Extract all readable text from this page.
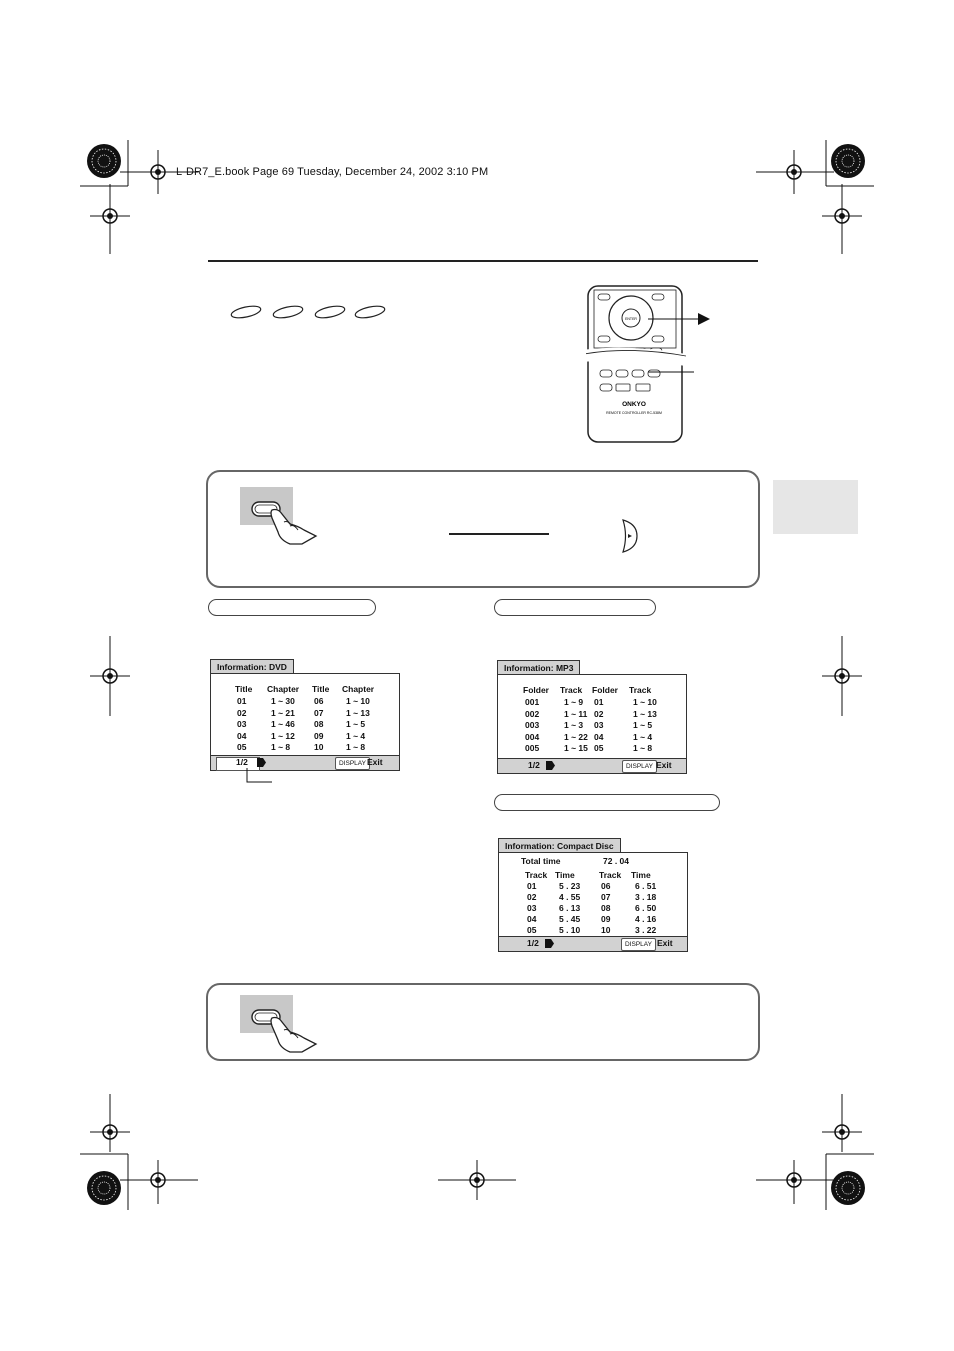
L-DR7_E.book Page 69 Tuesday, December 24, 2002 3:10 PM
ONKYO
REMOTE CONTROLLER RC-538M
ENTER
Information: DVD
Title Chapter Title Chapter
01	1 ~ 30 06	1 ~ 10
02	1 ~ 21 07	1 ~ 13
03	1 ~ 46 08	1 ~ 5
04	1 ~ 12 09	1 ~ 4
05	1 ~ 8	10	1 ~ 8
1/2	DISPLAY Exit
Information: MP3
Folder Track Folder Track
001	1 ~ 9 01	1 ~ 10
002	1 ~ 11 02	1 ~ 13
003	1 ~ 3 03	1 ~ 5
004	1 ~ 22 04	1 ~ 4
005	1 ~ 15 05	1 ~ 8
1/2	DISPLAY Exit
Information: Compact Disc
Total time	72 . 04
Track Time	Track Time
01	5 . 23 06	6 . 51
02	4 . 55 07	3 . 18
03	6 . 13 08	6 . 50
04	5 . 45 09	4 . 16
05	5 . 10 10	3 . 22
1/2	DISPLAY Exit
